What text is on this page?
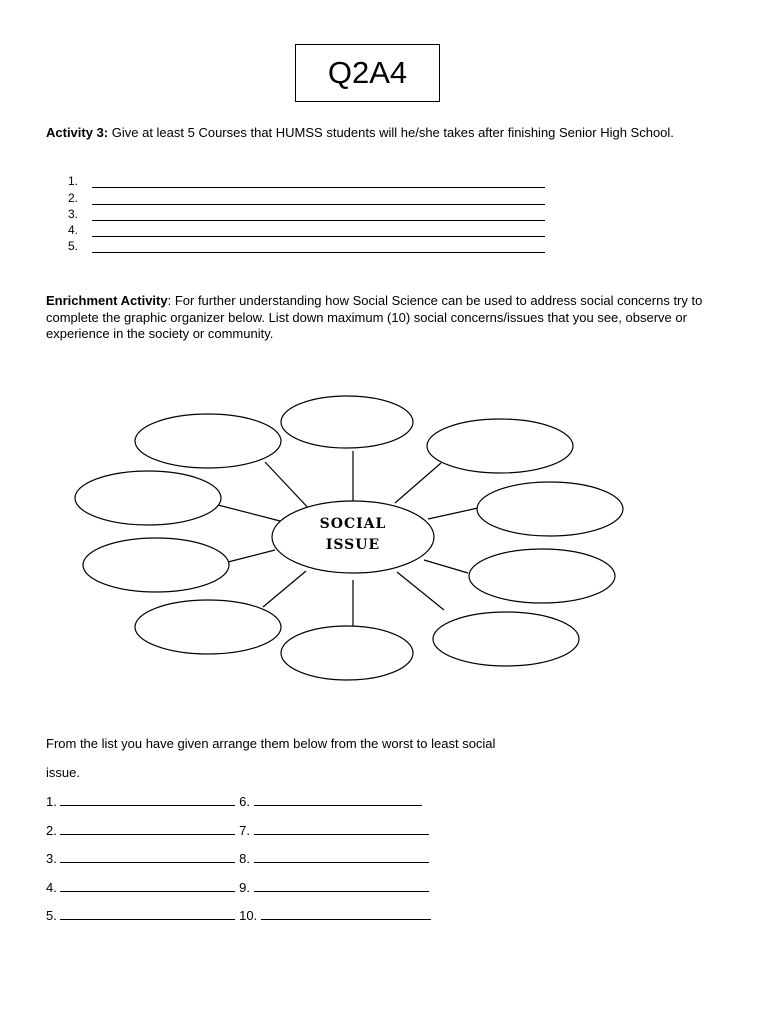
Q2A4
Activity 3: Give at least 5 Courses that HUMSS students will he/she takes after finishing Senior High School.
1.
2.
3.
4.
5.
Enrichment Activity: For further understanding how Social Science can be used to address social concerns try to complete the graphic organizer below. List down maximum (10) social concerns/issues that you see, observe or experience in the society or community.
SOCIAL
ISSUE
From the list you have given arrange them below from the worst to least social
issue.
1.	6.
2.	7.
3.	8.
4.	9.
5.	10.
